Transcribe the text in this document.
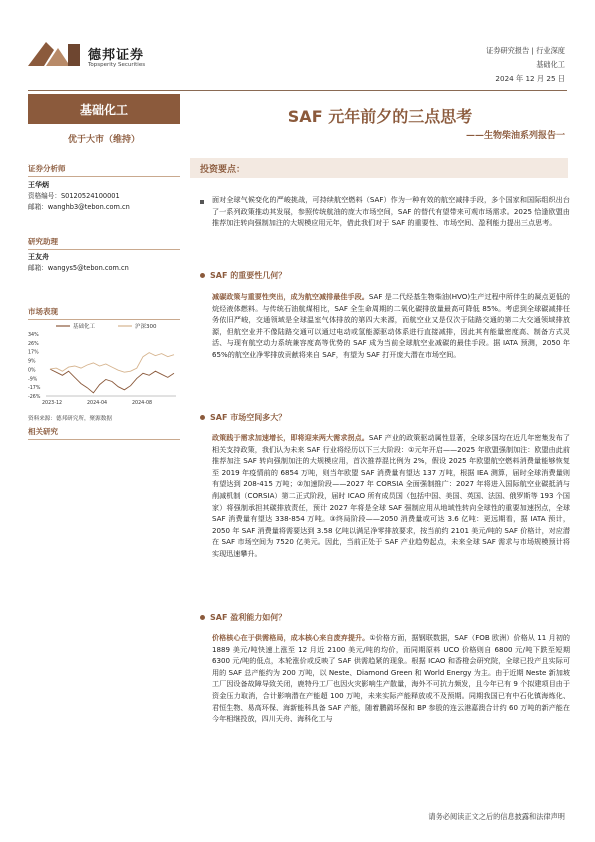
德邦证券
Topsperity Securities
证券研究报告 | 行业深度
基础化工
2024 年 12 月 25 日
基础化工
优于大市（维持）
证券分析师
王华炳
资格编号：S0120524100001
邮箱：wanghb3@tebon.com.cn
研究助理
王友舟
邮箱：wangys5@tebon.com.cn
市场表现
基础化工	沪深300
34%
26%
17%
9%
0%
-9%
-17%
-26%
2023-12	2024-04	2024-08
资料来源：德邦研究所，聚源数据
相关研究
SAF 元年前夕的三点思考
——生物柴油系列报告一
投资要点：
面对全球气候变化的严峻挑战，可持续航空燃料（SAF）作为一种有效的航空减排手段，多个国家和国际组织出台了一系列政策推动其发展，参照传统航油的庞大市场空间，SAF 的替代有望带来可观市场需求。2025 恰逢欧盟由推荐加注转向强制加注的大规模应用元年，借此我们对于 SAF 的重要性、市场空间、盈利能力提出三点思考。
SAF 的重要性几何？
减碳政策与重要性突出，成为航空减排最佳手段。SAF 是二代经基生物柴油(HVO)生产过程中所伴生的凝点更低的烷烃液体燃料。与传统石油航煤相比，SAF 全生命周期的二氧化碳排放量最高可降低 85%。考虑到全球碳减排任务依旧严峻，交通领域是全球温室气体排放的第四大来源，而航空业又是仅次于陆路交通的第二大交通领域排放源，但航空业并不像陆路交通可以通过电动或氢能源驱动体系进行直接减排，因此其有能量密度高、制备方式灵活、与现有航空动力系统兼容度高等优势的 SAF 成为当前全球航空业减碳的最佳手段。据 IATA 预测，2050 年 65%的航空业净零排放贡献将来自 SAF，有望为 SAF 打开庞大潜在市场空间。
SAF 市场空间多大？
政策践于需求加速增长，即将迎来两大需求拐点。SAF 产业的政策驱动属性显著，全球多国均在近几年密集发布了相关支持政策，我们认为未来 SAF 行业将经历以下三大阶段：①元年开启——2025 年欧盟强制加注：欧盟由此前推荐加注 SAF 转向强制加注的大规模应用，首次推荐混比例为 2%，假设 2025 年欧盟航空燃料消费量能够恢复至 2019 年疫情前的 6854 万吨，则当年欧盟 SAF 消费量有望达 137 万吨，根据 IEA 测算，届时全球消费量则有望达到 208-415 万吨；②加速阶段——2027 年 CORSIA 全面强制推广：2027 年将进入国际航空业碳抵消与削减机制（CORSIA）第二正式阶段，届时 ICAO 所有成员国（包括中国、美国、英国、法国、俄罗斯等 193 个国家）将强制承担其碳排放责任，预计 2027 年将是全球 SAF 强制应用从地域性转向全球性的重要加速拐点，全球 SAF 消费量有望达 338-854 万吨。③终局阶段——2050 消费量或可达 3.6 亿吨：更远期看，据 IATA 预计，2050 年 SAF 消费量将需要达到 3.58 亿吨以满足净零排放要求，按当前约 2101 美元/吨的 SAF 价格计，对应潜在 SAF 市场空间为 7520 亿美元。因此，当前正处于 SAF 产业趋势起点，未来全球 SAF 需求与市场规模预计将实现迅速攀升。
SAF 盈利能力如何？
价格核心在于供需格局，成本核心来自废弃提升。①价格方面，据钢联数据，SAF（FOB 欧洲）价格从 11 月初的 1889 美元/吨快速上涨至 12 月近 2100 美元/吨的均价，而同期原料 UCO 价格则自 6800 元/吨下跌至短期 6300 元/吨的低点，本轮涨价或反映了 SAF 供需趋紧的现象。根据 ICAO 和香橙会研究院，全球已投产且实际可用的 SAF 总产能约为 200 万吨，以 Neste、Diamond Green 和 World Energy 为主。由于近期 Neste 新加坡工厂因设备故障导致关闭，鹿特丹工厂也因火灾影响生产散量，海外不可抗力频发，且今年已有 9 个拟建项目由于资金压力取消，合计影响潜在产能超 100 万吨，未来实际产能释放或不及预期。同期我国已有中石化镇海炼化、君恒生物、易高环保、海新能科具备 SAF 产能，随着鹏鹞环保和 BP 参股的连云港嘉澳合计约 60 万吨的新产能在今年相继投放，四川天舟、海科化工与
请务必阅读正文之后的信息披露和法律声明
